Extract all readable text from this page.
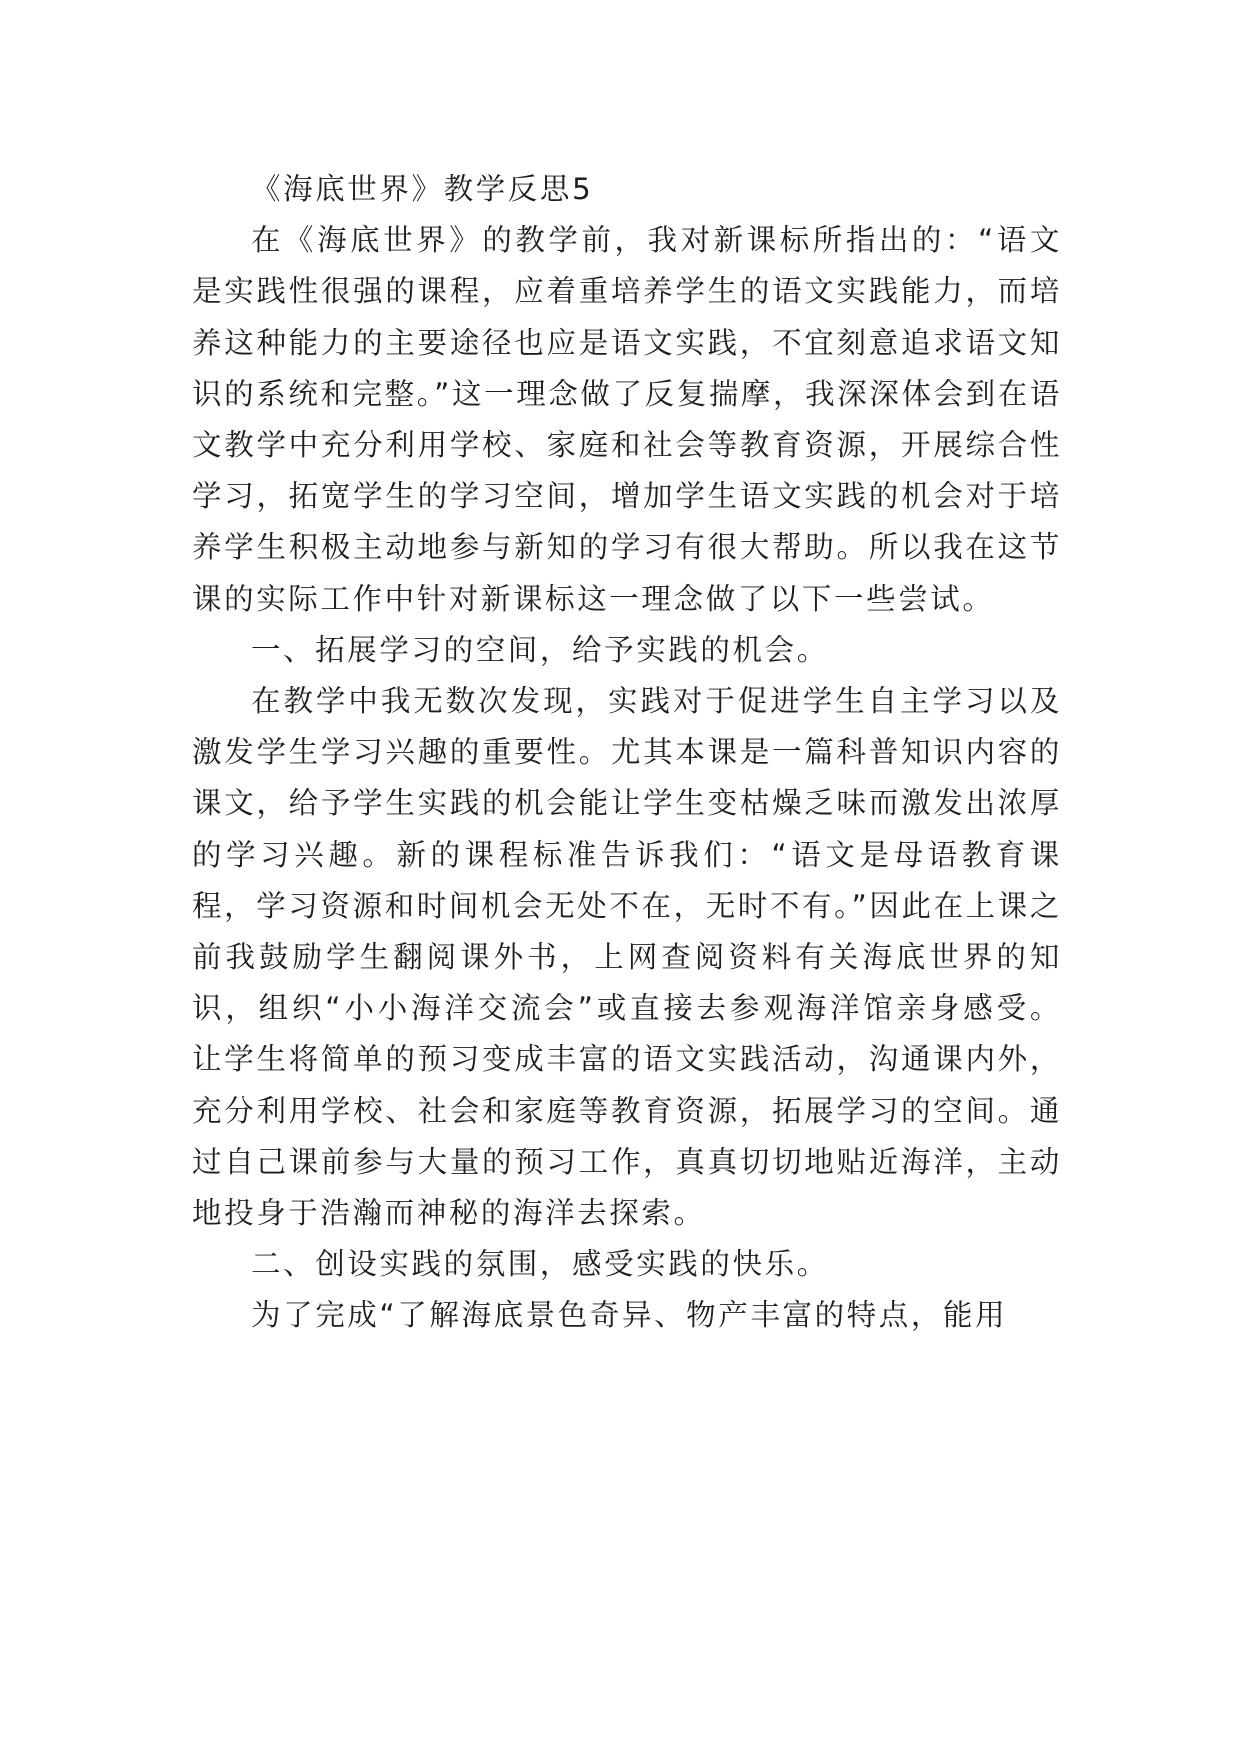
《海底世界》教学反思5

在《海底世界》的教学前，我对新课标所指出的：“语文是实践性很强的课程，应着重培养学生的语文实践能力，而培养这种能力的主要途径也应是语文实践，不宜刻意追求语文知识的系统和完整。”这一理念做了反复揣摩，我深深体会到在语文教学中充分利用学校、家庭和社会等教育资源，开展综合性学习，拓宽学生的学习空间，增加学生语文实践的机会对于培养学生积极主动地参与新知的学习有很大帮助。所以我在这节课的实际工作中针对新课标这一理念做了以下一些尝试。

一、拓展学习的空间，给予实践的机会。

在教学中我无数次发现，实践对于促进学生自主学习以及激发学生学习兴趣的重要性。尤其本课是一篇科普知识内容的课文，给予学生实践的机会能让学生变枯燥乏味而激发出浓厚的学习兴趣。新的课程标准告诉我们：“语文是母语教育课程，学习资源和时间机会无处不在，无时不有。”因此在上课之前我鼓励学生翻阅课外书，上网查阅资料有关海底世界的知识，组织“小小海洋交流会”或直接去参观海洋馆亲身感受。让学生将简单的预习变成丰富的语文实践活动，沟通课内外，充分利用学校、社会和家庭等教育资源，拓展学习的空间。通过自己课前参与大量的预习工作，真真切切地贴近海洋，主动地投身于浩瀚而神秘的海洋去探索。

二、创设实践的氛围，感受实践的快乐。

为了完成“了解海底景色奇异、物产丰富的特点，能用
